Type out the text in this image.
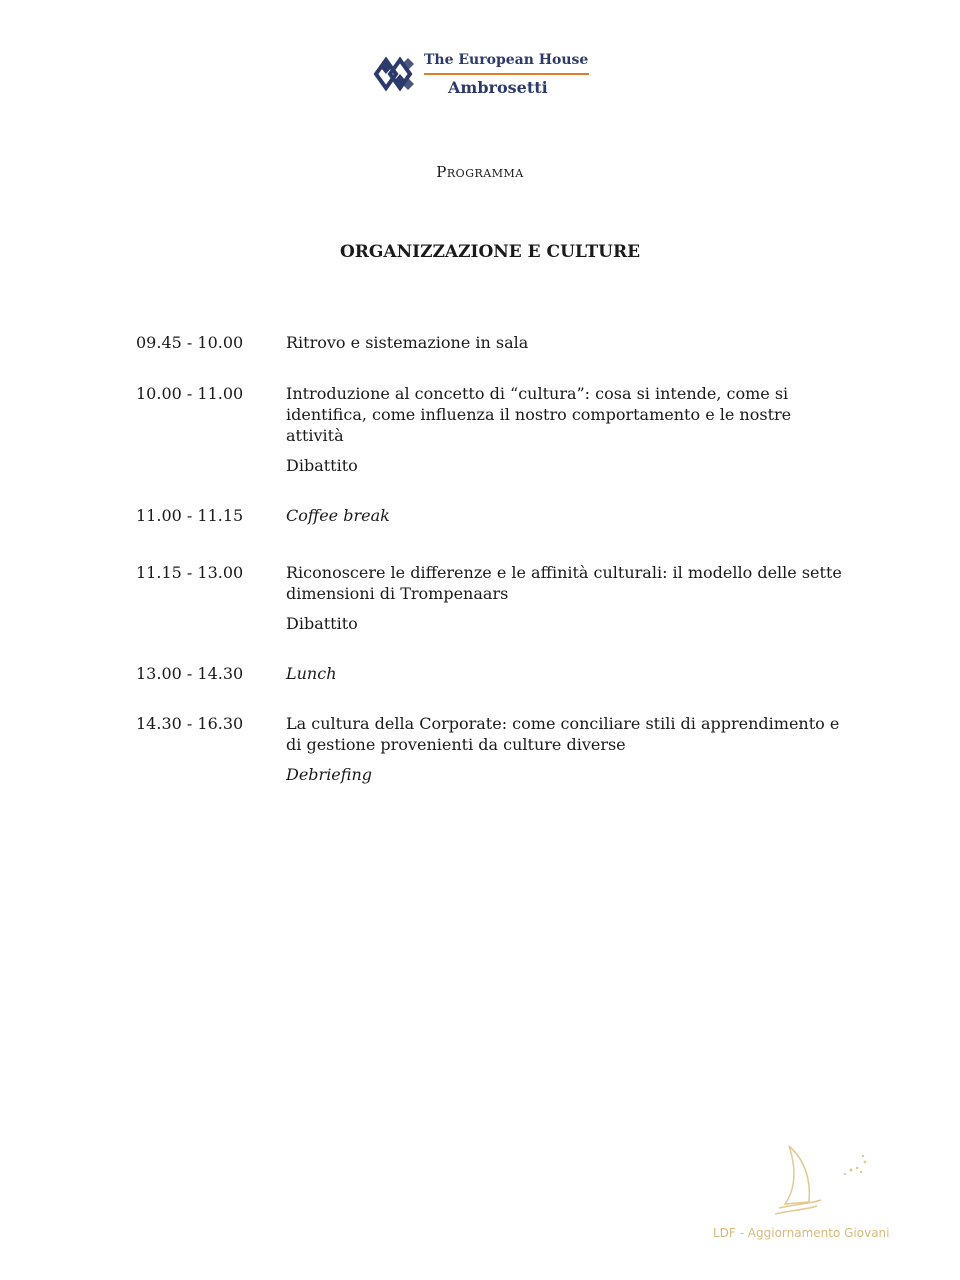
The European House
Ambrosetti
Programma
ORGANIZZAZIONE E CULTURE
09.45 - 10.00	Ritrovo e sistemazione in sala
10.00 - 11.00	Introduzione al concetto di “cultura”: cosa si intende, come si identifica, come influenza il nostro comportamento e le nostre attività
Dibattito
11.00 - 11.15	Coffee break
11.15 - 13.00	Riconoscere le differenze e le affinità culturali: il modello delle sette dimensioni di Trompenaars
Dibattito
13.00 - 14.30	Lunch
14.30 - 16.30	La cultura della Corporate: come conciliare stili di apprendimento e di gestione provenienti da culture diverse
Debriefing
LDF - Aggiornamento Giovani
